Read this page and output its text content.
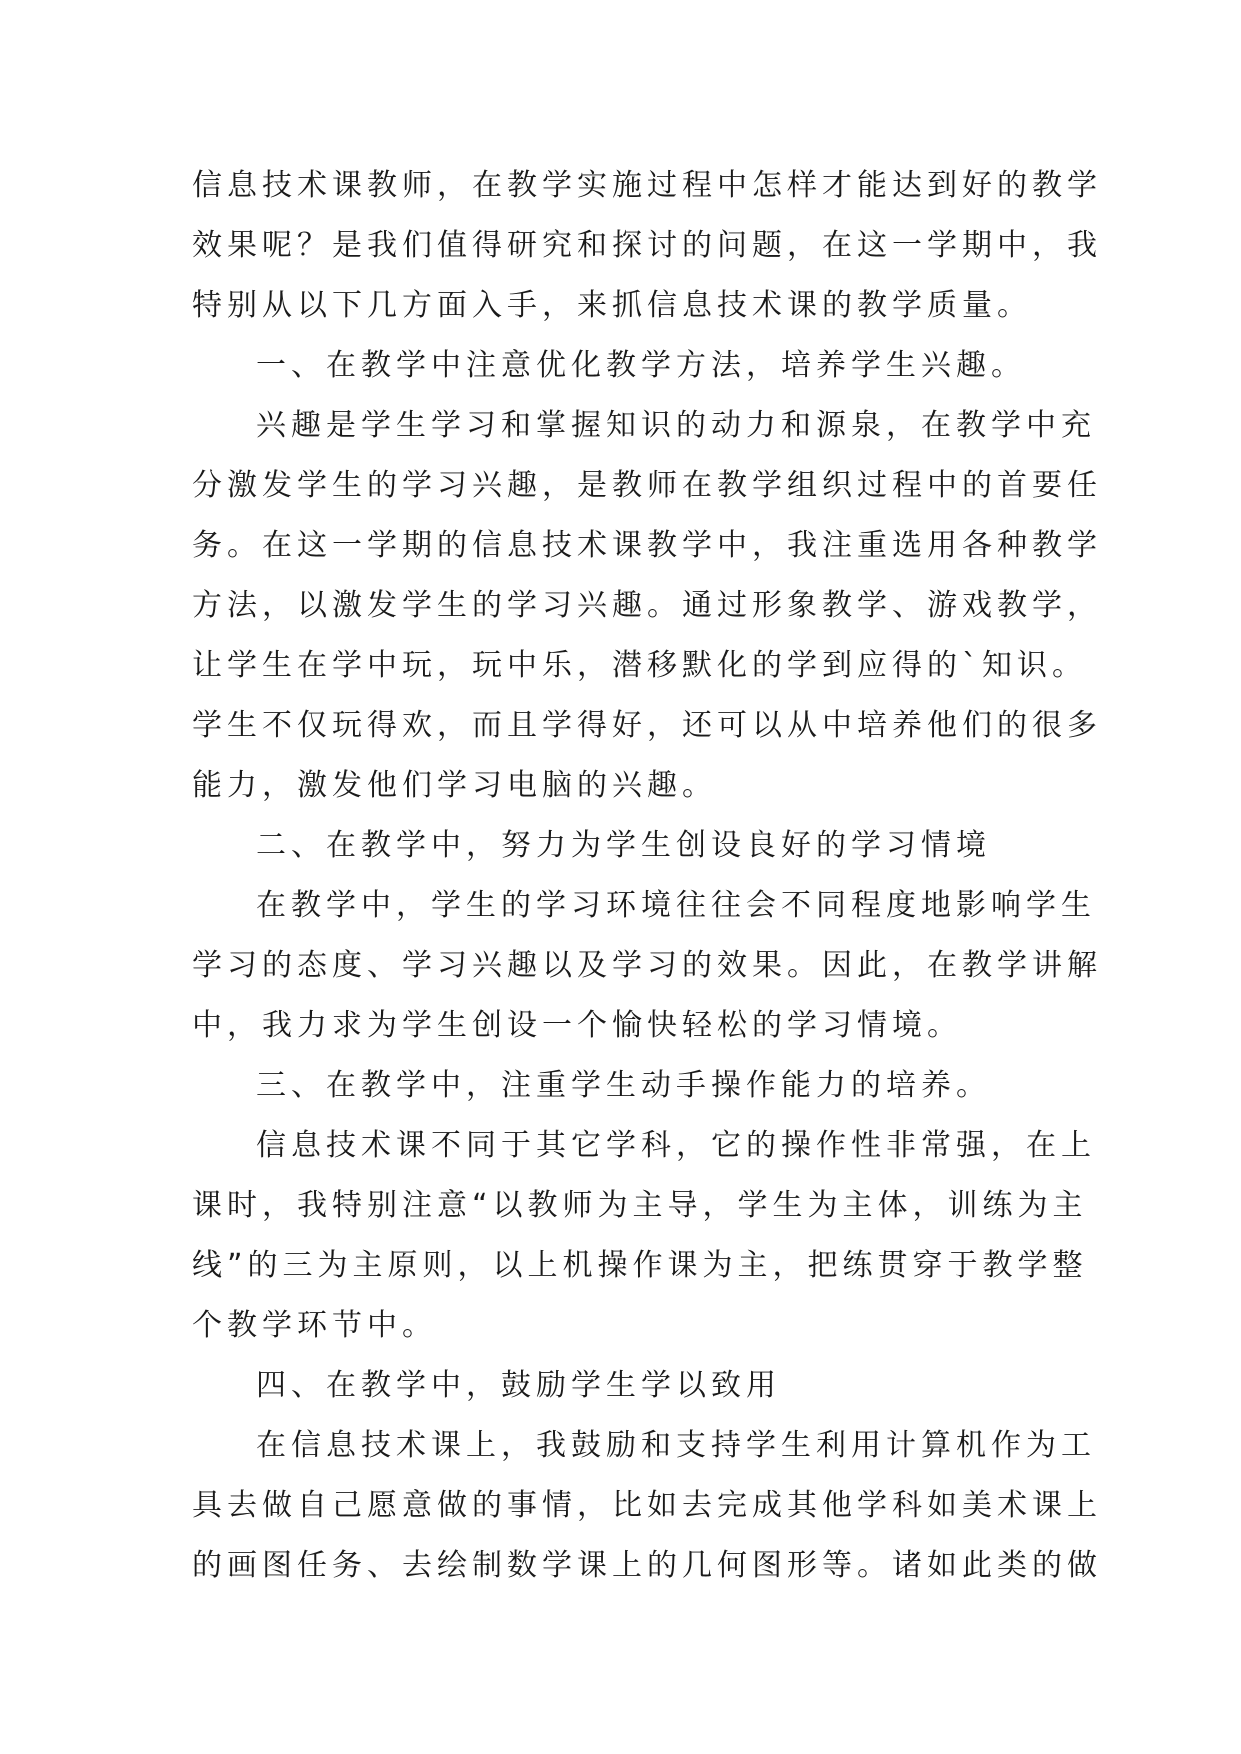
信息技术课教师，在教学实施过程中怎样才能达到好的教学
效果呢？是我们值得研究和探讨的问题，在这一学期中，我
特别从以下几方面入手，来抓信息技术课的教学质量。
一、在教学中注意优化教学方法，培养学生兴趣。
兴趣是学生学习和掌握知识的动力和源泉，在教学中充
分激发学生的学习兴趣，是教师在教学组织过程中的首要任
务。在这一学期的信息技术课教学中，我注重选用各种教学
方法，以激发学生的学习兴趣。通过形象教学、游戏教学，
让学生在学中玩，玩中乐，潜移默化的学到应得的`知识。
学生不仅玩得欢，而且学得好，还可以从中培养他们的很多
能力，激发他们学习电脑的兴趣。
二、在教学中，努力为学生创设良好的学习情境
在教学中，学生的学习环境往往会不同程度地影响学生
学习的态度、学习兴趣以及学习的效果。因此，在教学讲解
中，我力求为学生创设一个愉快轻松的学习情境。
三、在教学中，注重学生动手操作能力的培养。
信息技术课不同于其它学科，它的操作性非常强，在上
课时，我特别注意“以教师为主导，学生为主体，训练为主
线”的三为主原则，以上机操作课为主，把练贯穿于教学整
个教学环节中。
四、在教学中，鼓励学生学以致用
在信息技术课上，我鼓励和支持学生利用计算机作为工
具去做自己愿意做的事情，比如去完成其他学科如美术课上
的画图任务、去绘制数学课上的几何图形等。诸如此类的做
